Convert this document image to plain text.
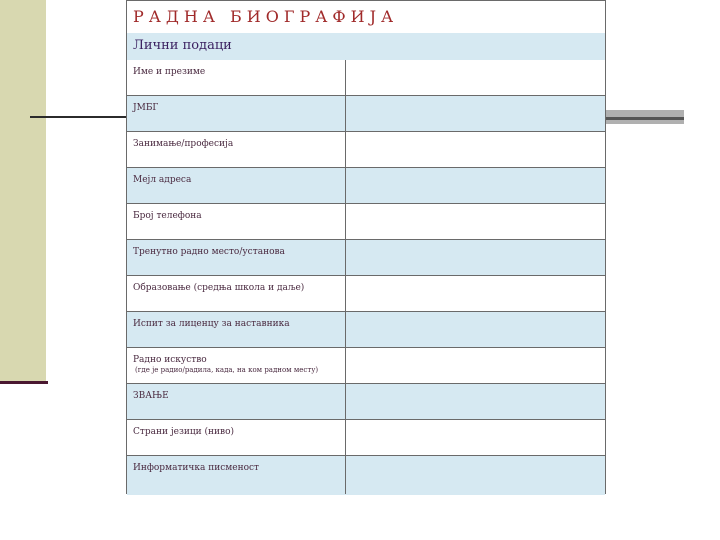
РАДНА БИОГРАФИЈА
Лични подаци
Име и презиме
ЈМБГ
Занимање/професија
Мејл адреса
Број телефона
Тренутно радно место/установа
Образовање (средња школа и даље)
Испит за лиценцу за наставника
Радно искуство
(где је радио/радила, када, на ком радном месту)
ЗВАЊЕ
Страни језици (ниво)
Информатичка писменост
